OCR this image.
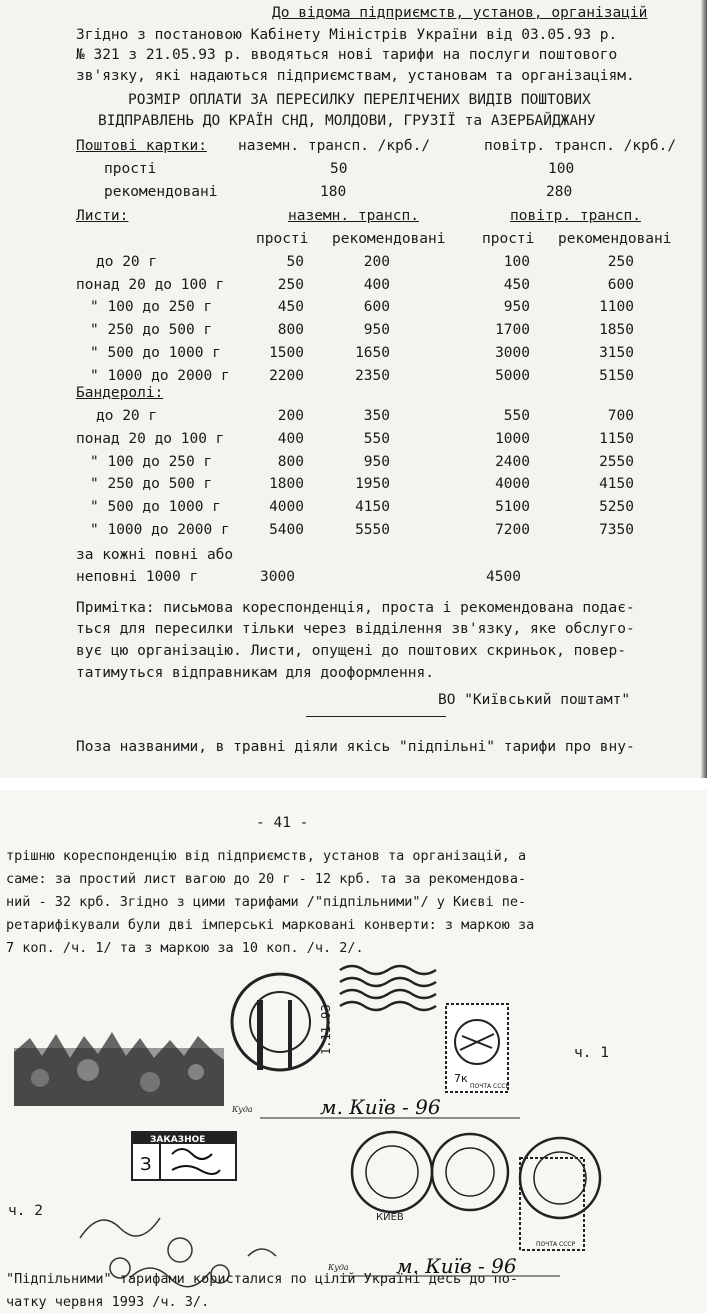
До відома підприємств, установ, організацій
Згідно з постановою Кабінету Міністрів України від 03.05.93 р.
№ 321 з 21.05.93 р. вводяться нові тарифи на послуги поштового
зв'язку, які надаються підприємствам, установам та організаціям.
РОЗМІР ОПЛАТИ ЗА ПЕРЕСИЛКУ ПЕРЕЛІЧЕНИХ ВИДІВ ПОШТОВИХ
ВІДПРАВЛЕНЬ ДО КРАЇН СНД, МОЛДОВИ, ГРУЗІЇ та АЗЕРБАЙДЖАНУ
Поштові картки: наземн. трансп. /крб./	повітр. трансп. /крб./
прості	50	100
рекомендовані	180	280
Листи:	наземн. трансп.	повітр. трансп.
прості рекомендовані	прості рекомендовані
до 20 г	50	200	100	250
понад 20 до 100 г	250	400	450	600
" 100 до 250 г	450	600	950	1100
" 250 до 500 г	800	950	1700	1850
" 500 до 1000 г	1500	1650	3000	3150
" 1000 до 2000 г	2200	2350	5000	5150
Бандеролі:
до 20 г	200	350	550	700
понад 20 до 100 г	400	550	1000	1150
" 100 до 250 г	800	950	2400	2550
" 250 до 500 г	1800	1950	4000	4150
" 500 до 1000 г	4000	4150	5100	5250
" 1000 до 2000 г	5400	5550	7200	7350
за кожні повні або
неповні 1000 г	3000	4500
Примітка: письмова кореспонденція, проста і рекомендована подає-
ться для пересилки тільки через відділення зв'язку, яке обслуго-
вує цю організацію. Листи, опущені до поштових скриньок, повер-
татимуться відправникам для дооформлення.
ВО "Київський поштамт"
Поза названими, в травні діяли якісь "підпільні" тарифи про вну-
- 41 -
трішню кореспонденцію від підприємств, установ та організацій, а
саме: за простий лист вагою до 20 г - 12 крб. та за рекомендова-
ний - 32 крб. Згідно з цими тарифами /"підпільними"/ у Києві пе-
ретарифікували були дві імперські марковані конверти: з маркою за
7 коп. /ч. 1/ та з маркою за 10 коп. /ч. 2/.
1.11.93
7к
ПОЧТА СССР
Куда	м. Київ - 96
ч. 1
ЗАКАЗНОЕ
З
КИЕВ
ПОЧТА СССР
Куда м. Київ - 96
ч. 2
"Підпільними" тарифами користалися по цілій Україні десь до по-
чатку червня 1993 /ч. 3/.
